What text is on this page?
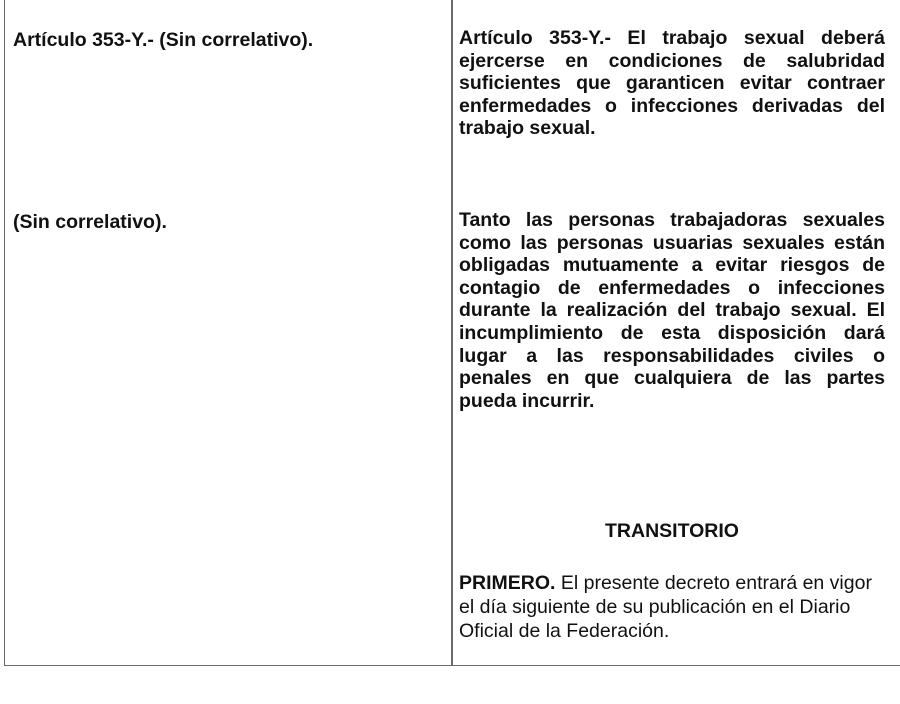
Artículo 353-Y.- (Sin correlativo).	Artículo 353-Y.- El trabajo sexual deberá ejercerse en condiciones de salubridad suficientes que garanticen evitar contraer enfermedades o infecciones derivadas del trabajo sexual.

(Sin correlativo).	Tanto las personas trabajadoras sexuales como las personas usuarias sexuales están obligadas mutuamente a evitar riesgos de contagio de enfermedades o infecciones durante la realización del trabajo sexual. El incumplimiento de esta disposición dará lugar a las responsabilidades civiles o penales en que cualquiera de las partes pueda incurrir.

TRANSITORIO

PRIMERO. El presente decreto entrará en vigor el día siguiente de su publicación en el Diario Oficial de la Federación.
